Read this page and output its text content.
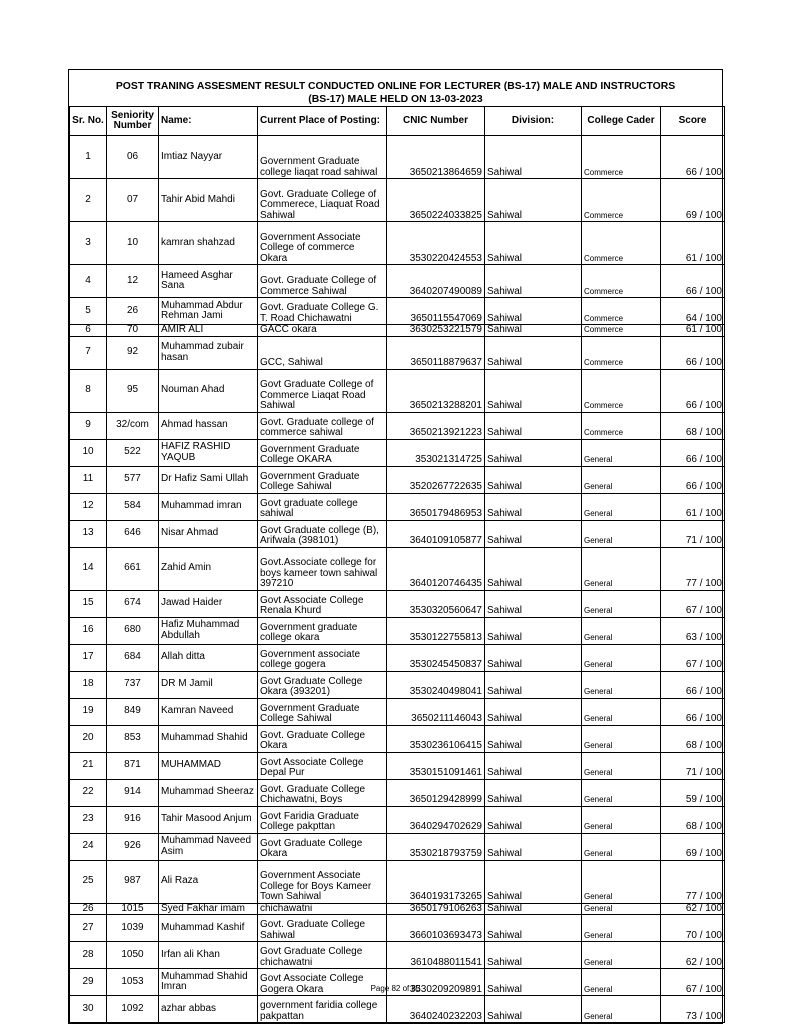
POST TRANING ASSESMENT RESULT CONDUCTED ONLINE FOR LECTURER (BS-17) MALE AND INSTRUCTORS
(BS-17) MALE HELD ON 13-03-2023
Sr. No.	Seniority Number	Name:	Current Place of Posting:	CNIC Number	Division:	College Cader	Score
1	06	Imtiaz Nayyar	Government Graduate college liaqat road sahiwal	3650213864659	Sahiwal	Commerce	66 / 100
2	07	Tahir Abid Mahdi	Govt. Graduate College of Commerece, Liaquat Road Sahiwal	3650224033825	Sahiwal	Commerce	69 / 100
3	10	kamran shahzad	Government Associate College of commerce Okara	3530220424553	Sahiwal	Commerce	61 / 100
4	12	Hameed Asghar Sana	Govt. Graduate College of Commerce Sahiwal	3640207490089	Sahiwal	Commerce	66 / 100
5	26	Muhammad Abdur Rehman Jami	Govt. Graduate College G. T. Road Chichawatni	3650115547069	Sahiwal	Commerce	64 / 100
6	70	AMIR ALI	GACC okara	3630253221579	Sahiwal	Commerce	61 / 100
7	92	Muhammad zubair hasan	GCC, Sahiwal	3650118879637	Sahiwal	Commerce	66 / 100
8	95	Nouman Ahad	Govt Graduate College of Commerce Liaqat Road Sahiwal	3650213288201	Sahiwal	Commerce	66 / 100
9	32/com	Ahmad hassan	Govt. Graduate college of commerce sahiwal	3650213921223	Sahiwal	Commerce	68 / 100
10	522	HAFIZ RASHID YAQUB	Government Graduate College OKARA	353021314725	Sahiwal	General	66 / 100
11	577	Dr Hafiz Sami Ullah	Government Graduate College Sahiwal	3520267722635	Sahiwal	General	66 / 100
12	584	Muhammad imran	Govt graduate college sahiwal	3650179486953	Sahiwal	General	61 / 100
13	646	Nisar Ahmad	Govt Graduate college (B), Arifwala (398101)	3640109105877	Sahiwal	General	71 / 100
14	661	Zahid Amin	Govt.Associate college for boys kameer town sahiwal 397210	3640120746435	Sahiwal	General	77 / 100
15	674	Jawad Haider	Govt Associate College Renala Khurd	3530320560647	Sahiwal	General	67 / 100
16	680	Hafiz Muhammad Abdullah	Government graduate college okara	3530122755813	Sahiwal	General	63 / 100
17	684	Allah ditta	Government associate college gogera	3530245450837	Sahiwal	General	67 / 100
18	737	DR M Jamil	Govt Graduate College Okara (393201)	3530240498041	Sahiwal	General	66 / 100
19	849	Kamran Naveed	Government Graduate College Sahiwal	3650211146043	Sahiwal	General	66 / 100
20	853	Muhammad Shahid	Govt. Graduate College Okara	3530236106415	Sahiwal	General	68 / 100
21	871	MUHAMMAD	Govt Associate College Depal Pur	3530151091461	Sahiwal	General	71 / 100
22	914	Muhammad Sheeraz	Govt. Graduate College Chichawatni, Boys	3650129428999	Sahiwal	General	59 / 100
23	916	Tahir Masood Anjum	Govt Faridia Graduate College pakpttan	3640294702629	Sahiwal	General	68 / 100
24	926	Muhammad Naveed Asim	Govt Graduate College Okara	3530218793759	Sahiwal	General	69 / 100
25	987	Ali Raza	Government Associate College for Boys Kameer Town Sahiwal	3640193173265	Sahiwal	General	77 / 100
26	1015	Syed Fakhar imam	chichawatni	3650179106263	Sahiwal	General	62 / 100
27	1039	Muhammad Kashif	Govt. Graduate College Sahiwal	3660103693473	Sahiwal	General	70 / 100
28	1050	Irfan ali Khan	Govt Graduate College chichawatni	3610488011541	Sahiwal	General	62 / 100
29	1053	Muhammad Shahid Imran	Govt Associate College Gogera Okara	3530209209891	Sahiwal	General	67 / 100
30	1092	azhar abbas	government faridia college pakpattan	3640240232203	Sahiwal	General	73 / 100
Page 82 of 83
